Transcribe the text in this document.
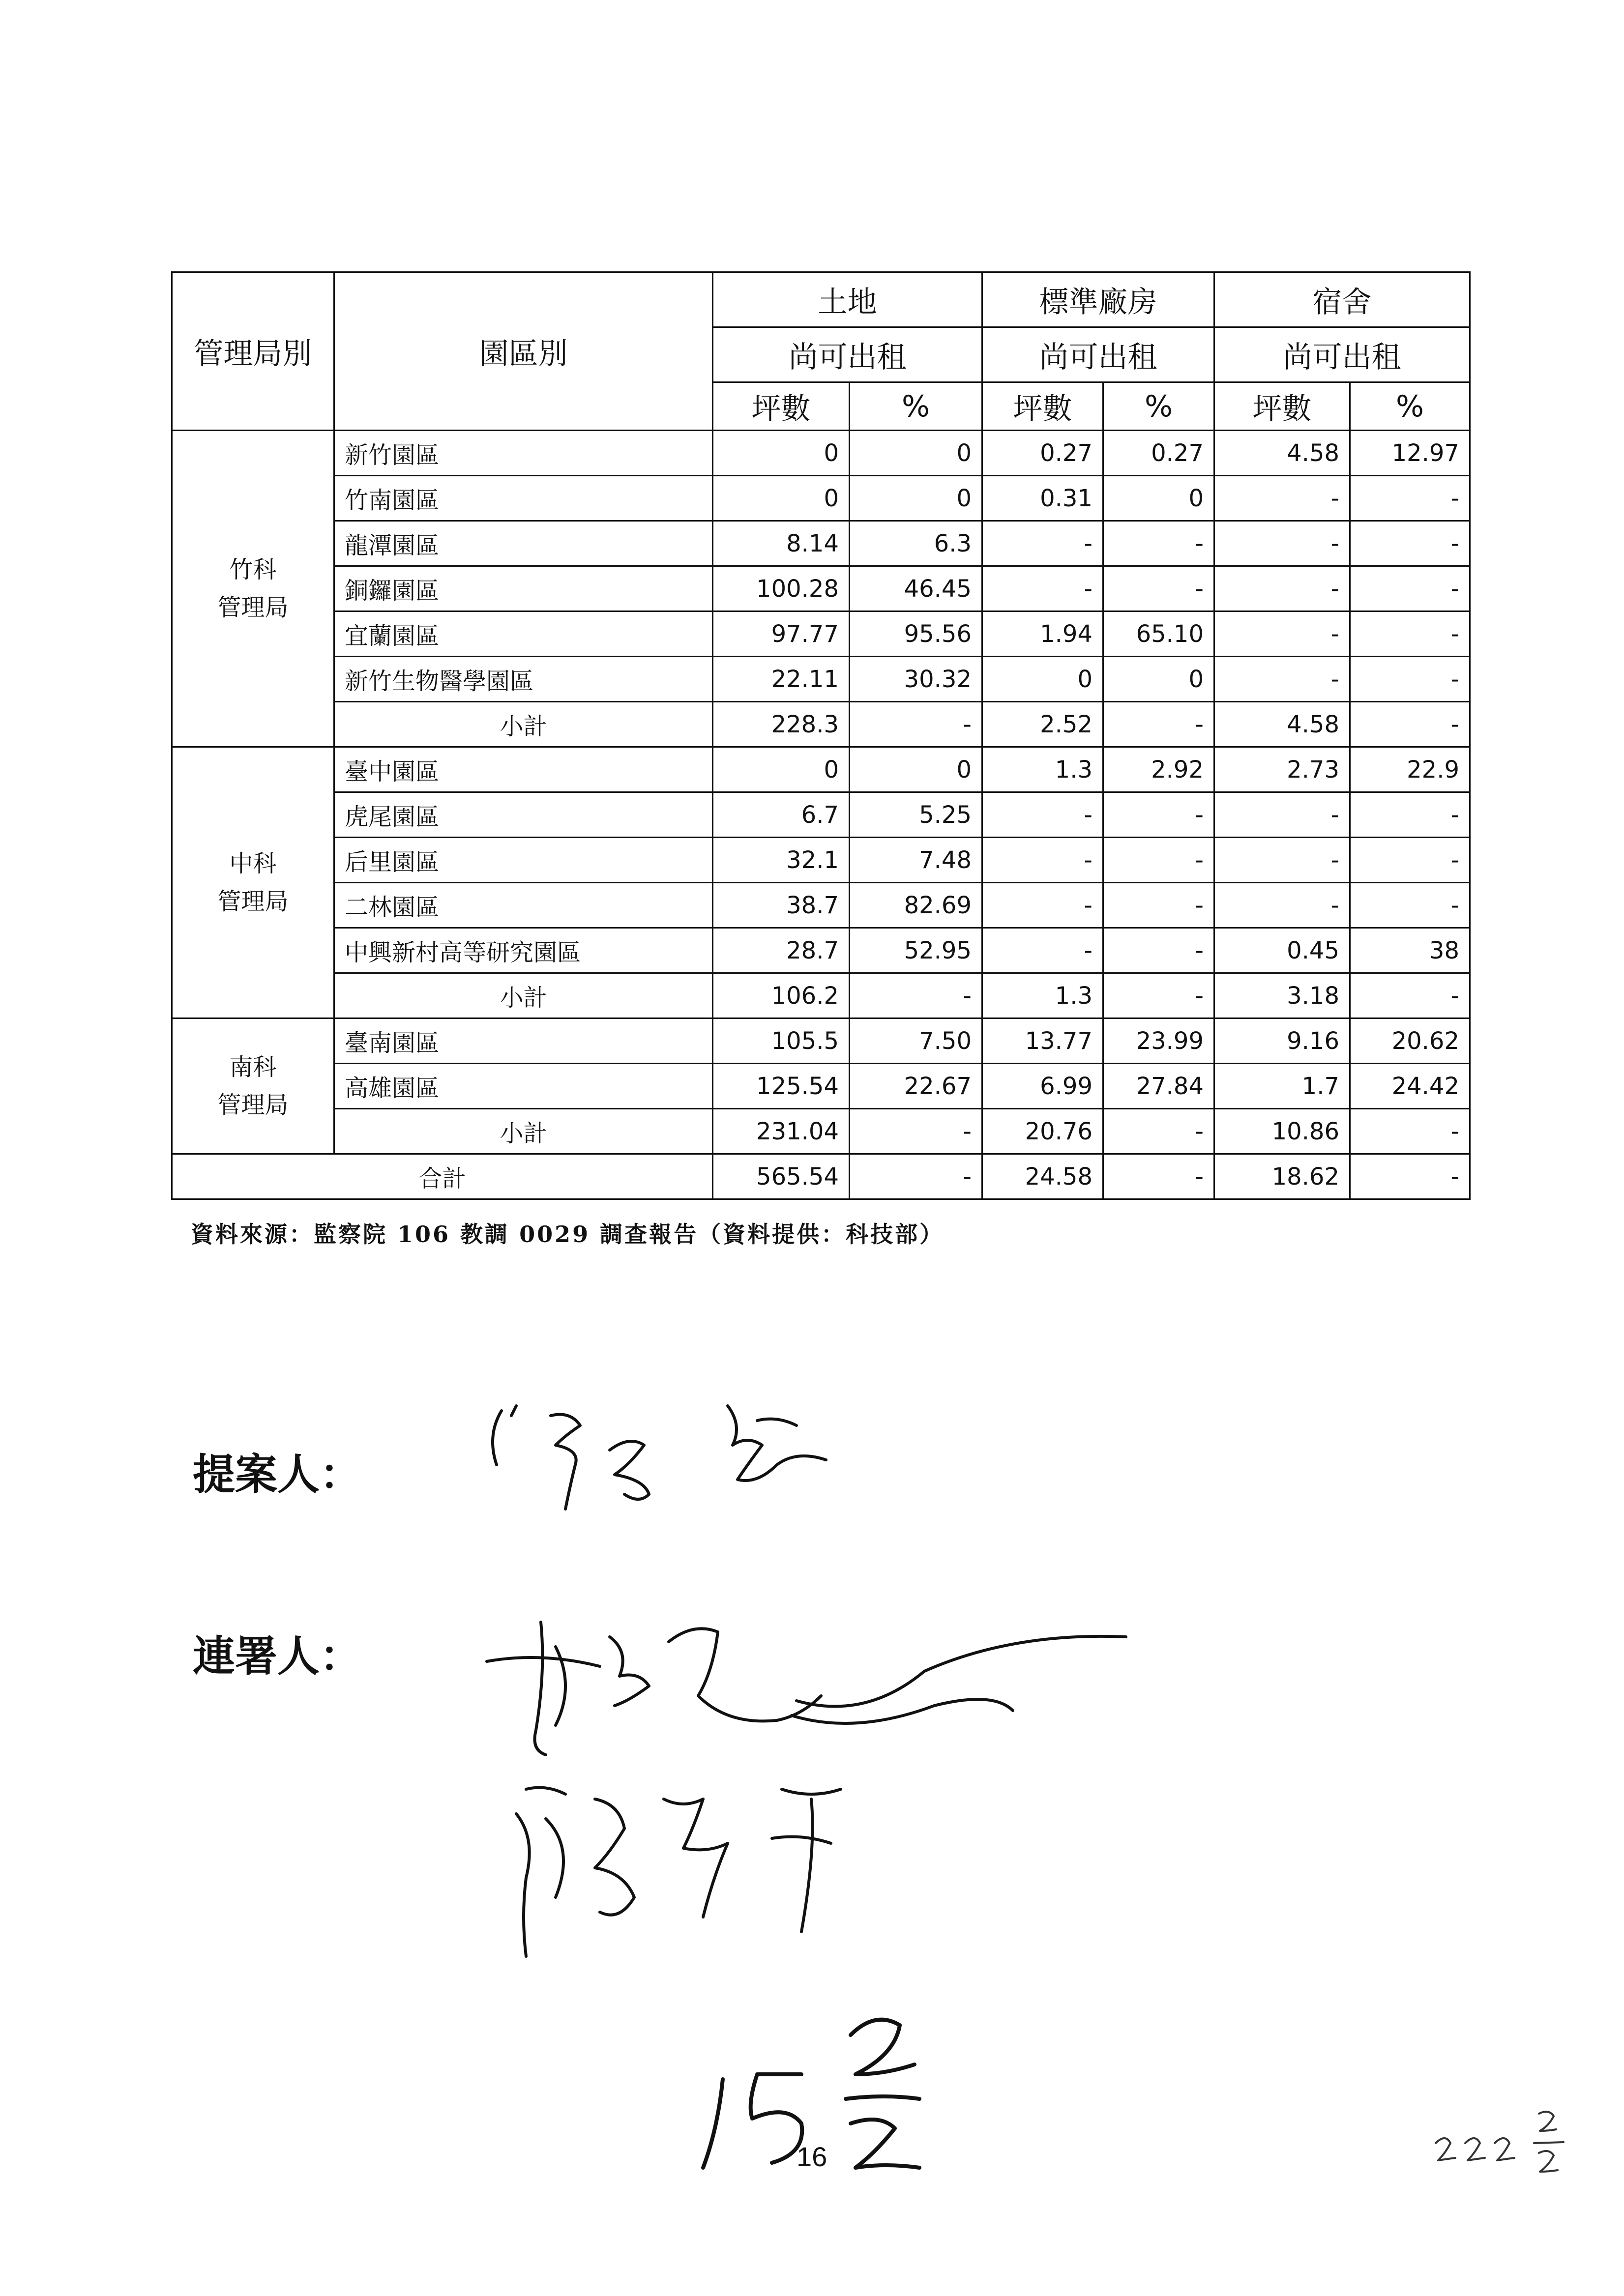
管理局別	園區別	土地		標準廠房		宿舍	
		尚可出租		尚可出租		尚可出租	
		坪數	%	坪數	%	坪數	%

竹科
管理局	新竹園區	0	0	0.27	0.27	4.58	12.97
	竹南園區	0	0	0.31	0	-	-
	龍潭園區	8.14	6.3	-	-	-	-
	銅鑼園區	100.28	46.45	-	-	-	-
	宜蘭園區	97.77	95.56	1.94	65.10	-	-
	新竹生物醫學園區	22.11	30.32	0	0	-	-
	小計	228.3	-	2.52	-	4.58	-

中科
管理局	臺中園區	0	0	1.3	2.92	2.73	22.9
	虎尾園區	6.7	5.25	-	-	-	-
	后里園區	32.1	7.48	-	-	-	-
	二林園區	38.7	82.69	-	-	-	-
	中興新村高等研究園區	28.7	52.95	-	-	0.45	38
	小計	106.2	-	1.3	-	3.18	-

南科
管理局	臺南園區	105.5	7.50	13.77	23.99	9.16	20.62
	高雄園區	125.54	22.67	6.99	27.84	1.7	24.42
	小計	231.04	-	20.76	-	10.86	-
合計		565.54	-	24.58	-	18.62	-
資料來源：監察院 106 教調 0029 調查報告（資料提供：科技部）
提案人：
連署人：
16
